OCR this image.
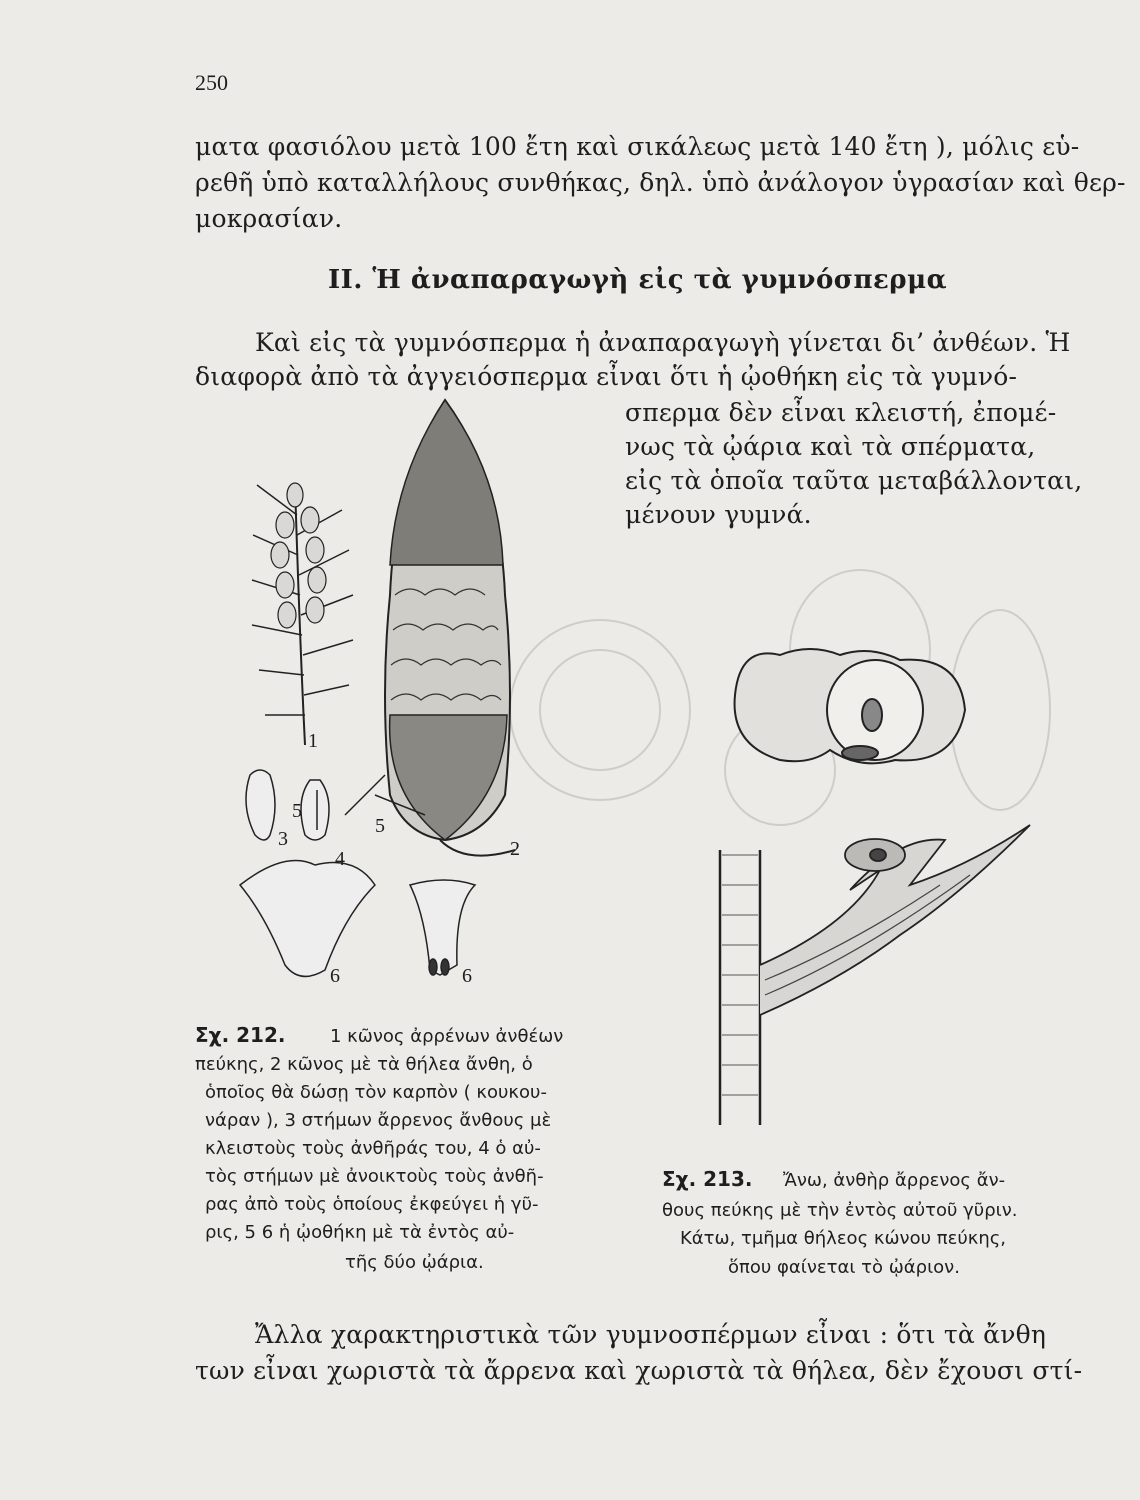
250
ματα φασιόλου μετὰ 100 ἔτη καὶ σικάλεως μετὰ 140 ἔτη ), μόλις εὑ-
ρεθῆ ὑπὸ καταλλήλους συνθήκας, δηλ. ὑπὸ ἀνάλογον ὑγρασίαν καὶ θερ-
μοκρασίαν.
II. Ἡ ἀναπαραγωγὴ εἰς τὰ γυμνόσπερμα
Καὶ εἰς τὰ γυμνόσπερμα ἡ ἀναπαραγωγὴ γίνεται δι’ ἀνθέων. Ἡ
διαφορὰ ἀπὸ τὰ ἀγγειόσπερμα εἶναι ὅτι ἡ ᾠοθήκη εἰς τὰ γυμνό-
σπερμα δὲν εἶναι κλειστή, ἐπομέ-
νως τὰ ᾠάρια καὶ τὰ σπέρματα,
εἰς τὰ ὁποῖα ταῦτα μεταβάλλονται,
μένουν γυμνά.
1
2
3
4
5
5
6	6
Σχ. 212. 1 κῶνος ἀρρένων ἀνθέων
πεύκης, 2 κῶνος μὲ τὰ θήλεα ἄνθη, ὁ
ὁποῖος θὰ δώσῃ τὸν καρπὸν ( κουκου-
νάραν ), 3 στήμων ἄρρενος ἄνθους μὲ
κλειστοὺς τοὺς ἀνθῆράς του, 4 ὁ αὐ-
τὸς στήμων μὲ ἀνοικτοὺς τοὺς ἀνθῆ-
ρας ἀπὸ τοὺς ὁποίους ἐκφεύγει ἡ γῦ-
ρις, 5 6 ἡ ᾠοθήκη μὲ τὰ ἐντὸς αὐ-
τῆς δύο ᾠάρια.
Σχ. 213. Ἄνω, ἀνθὴρ ἄρρενος ἄν-
θους πεύκης μὲ τὴν ἐντὸς αὐτοῦ γῦριν.
Κάτω, τμῆμα θήλεος κώνου πεύκης,
ὅπου φαίνεται τὸ ᾠάριον.
Ἄλλα χαρακτηριστικὰ τῶν γυμνοσπέρμων εἶναι : ὅτι τὰ ἄνθη
των εἶναι χωριστὰ τὰ ἄρρενα καὶ χωριστὰ τὰ θήλεα, δὲν ἔχουσι στί-
